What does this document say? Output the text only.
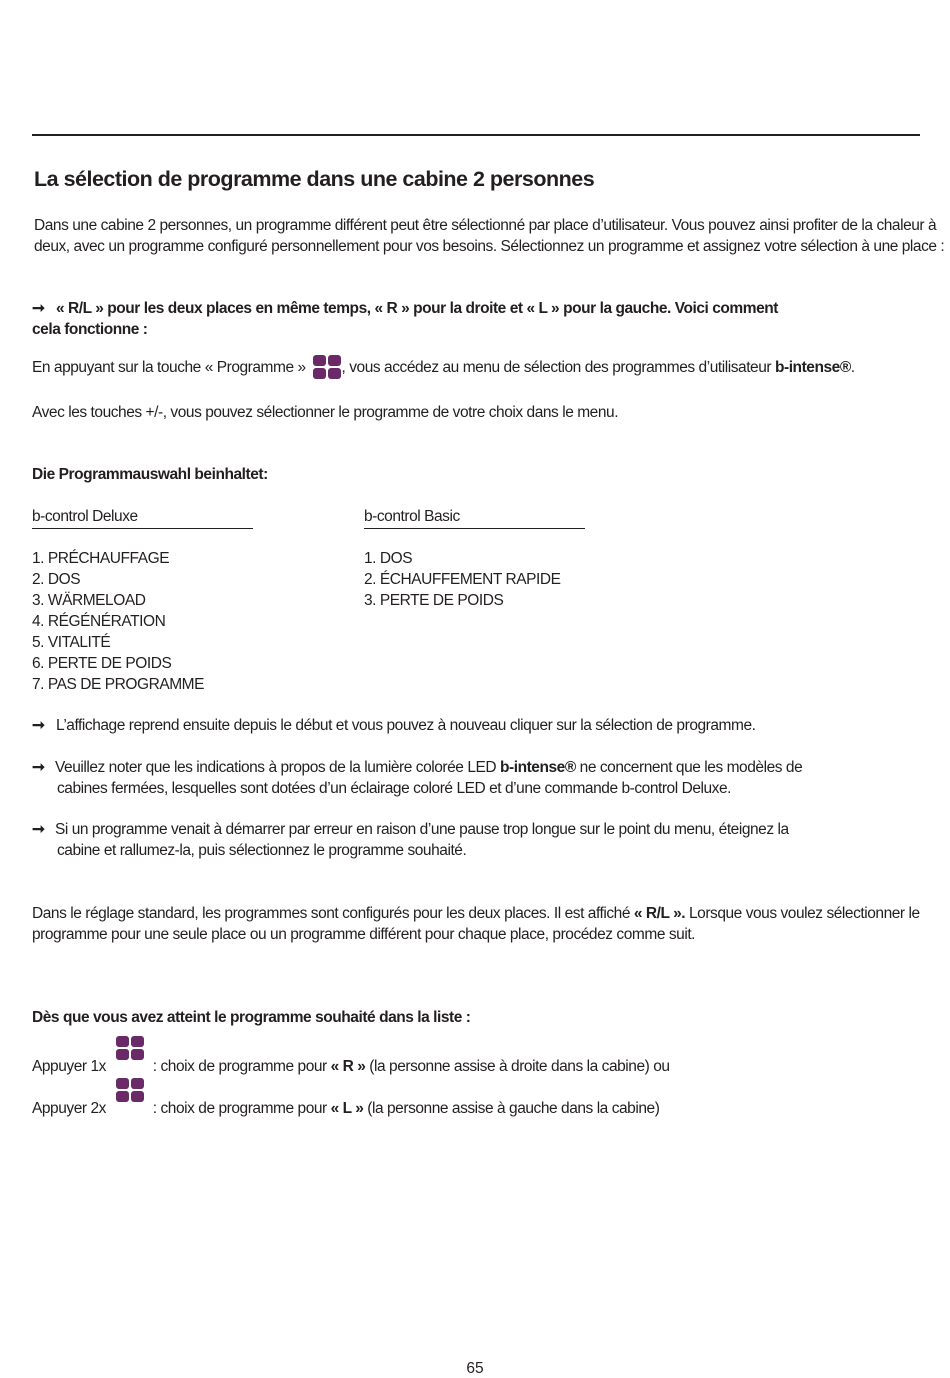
La sélection de programme dans une cabine 2 personnes
Dans une cabine 2 personnes, un programme différent peut être sélectionné par place d’utilisateur. Vous pouvez ainsi profiter de la chaleur à
deux, avec un programme configuré personnellement pour vos besoins. Sélectionnez un programme et assignez votre sélection à une place :
➞ « R/L » pour les deux places en même temps, « R » pour la droite et « L » pour la gauche. Voici comment
cela fonctionne :
En appuyant sur la touche « Programme » , vous accédez au menu de sélection des programmes d’utilisateur b-intense®.
Avec les touches +/-, vous pouvez sélectionner le programme de votre choix dans le menu.
Die Programmauswahl beinhaltet:
b-control Deluxe
1. PRÉCHAUFFAGE
2. DOS
3. WÄRMELOAD
4. RÉGÉNÉRATION
5. VITALITÉ
6. PERTE DE POIDS
7. PAS DE PROGRAMME
b-control Basic
1. DOS
2. ÉCHAUFFEMENT RAPIDE
3. PERTE DE POIDS
➞ L’affichage reprend ensuite depuis le début et vous pouvez à nouveau cliquer sur la sélection de programme.
➞ Veuillez noter que les indications à propos de la lumière colorée LED b-intense® ne concernent que les modèles de
cabines fermées, lesquelles sont dotées d’un éclairage coloré LED et d’une commande b-control Deluxe.
➞ Si un programme venait à démarrer par erreur en raison d’une pause trop longue sur le point du menu, éteignez la
cabine et rallumez-la, puis sélectionnez le programme souhaité.
Dans le réglage standard, les programmes sont configurés pour les deux places. Il est affiché « R/L ». Lorsque vous voulez sélectionner le
programme pour une seule place ou un programme différent pour chaque place, procédez comme suit.
Dès que vous avez atteint le programme souhaité dans la liste :
Appuyer 1x	: choix de programme pour « R » (la personne assise à droite dans la cabine) ou
Appuyer 2x	: choix de programme pour « L » (la personne assise à gauche dans la cabine)
65
